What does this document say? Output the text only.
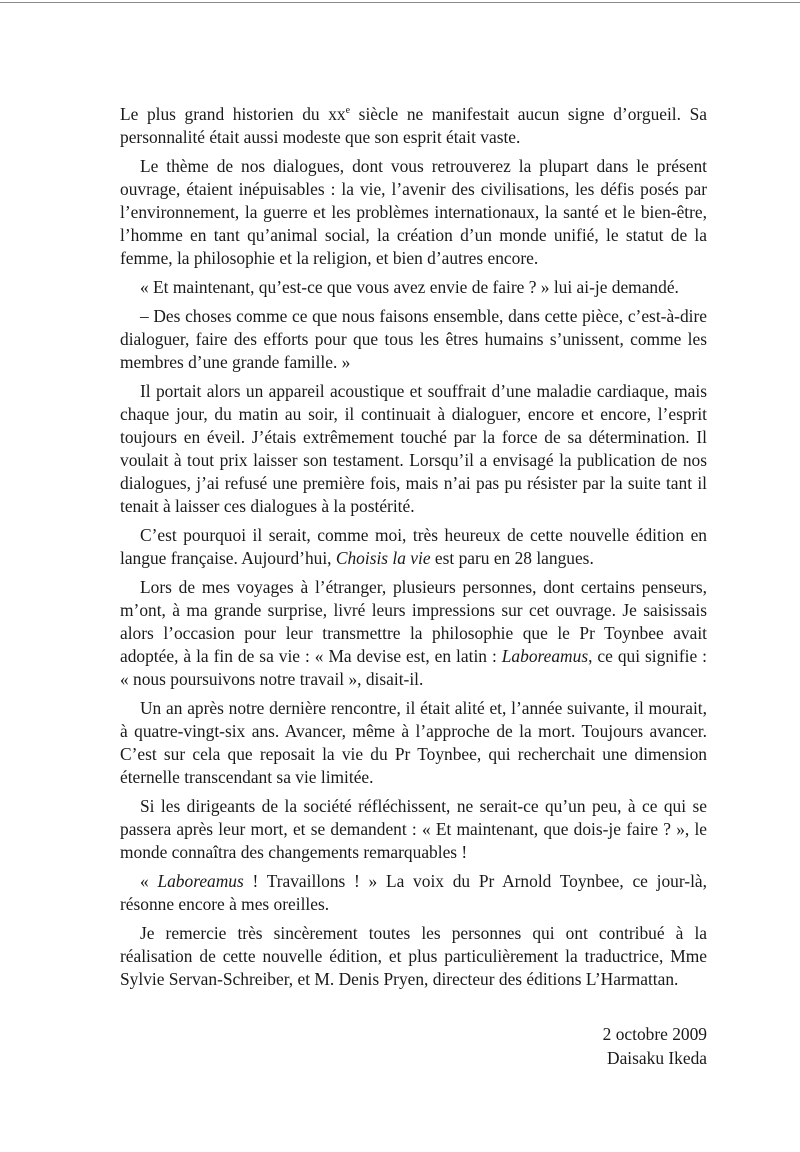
Le plus grand historien du $xx^e$ siècle ne manifestait aucun signe d’orgueil. Sa personnalité était aussi modeste que son esprit était vaste.

Le thème de nos dialogues, dont vous retrouverez la plupart dans le présent ouvrage, étaient inépuisables : la vie, l’avenir des civilisations, les défis posés par l’environnement, la guerre et les problèmes internationaux, la santé et le bien-être, l’homme en tant qu’animal social, la création d’un monde unifié, le statut de la femme, la philosophie et la religion, et bien d’autres encore.

« Et maintenant, qu’est-ce que vous avez envie de faire ? » lui ai-je demandé.

– Des choses comme ce que nous faisons ensemble, dans cette pièce, c’est-à-dire dialoguer, faire des efforts pour que tous les êtres humains s’unissent, comme les membres d’une grande famille. »

Il portait alors un appareil acoustique et souffrait d’une maladie cardiaque, mais chaque jour, du matin au soir, il continuait à dialoguer, encore et encore, l’esprit toujours en éveil. J’étais extrêmement touché par la force de sa détermination. Il voulait à tout prix laisser son testament. Lorsqu’il a envisagé la publication de nos dialogues, j’ai refusé une première fois, mais n’ai pas pu résister par la suite tant il tenait à laisser ces dialogues à la postérité.

C’est pourquoi il serait, comme moi, très heureux de cette nouvelle édition en langue française. Aujourd’hui, Choisis la vie est paru en 28 langues.

Lors de mes voyages à l’étranger, plusieurs personnes, dont certains penseurs, m’ont, à ma grande surprise, livré leurs impressions sur cet ouvrage. Je saisissais alors l’occasion pour leur transmettre la philosophie que le Pr Toynbee avait adoptée, à la fin de sa vie : « Ma devise est, en latin : Laboreamus, ce qui signifie : « nous poursuivons notre travail », disait-il.

Un an après notre dernière rencontre, il était alité et, l’année suivante, il mourait, à quatre-vingt-six ans. Avancer, même à l’approche de la mort. Toujours avancer. C’est sur cela que reposait la vie du Pr Toynbee, qui recherchait une dimension éternelle transcendant sa vie limitée.

Si les dirigeants de la société réfléchissent, ne serait-ce qu’un peu, à ce qui se passera après leur mort, et se demandent : « Et maintenant, que dois-je faire ? », le monde connaîtra des changements remarquables !

« Laboreamus ! Travaillons ! » La voix du Pr Arnold Toynbee, ce jour-là, résonne encore à mes oreilles.

Je remercie très sincèrement toutes les personnes qui ont contribué à la réalisation de cette nouvelle édition, et plus particulièrement la traductrice, Mme Sylvie Servan-Schreiber, et M. Denis Pryen, directeur des éditions L’Harmattan.

2 octobre 2009
Daisaku Ikeda
